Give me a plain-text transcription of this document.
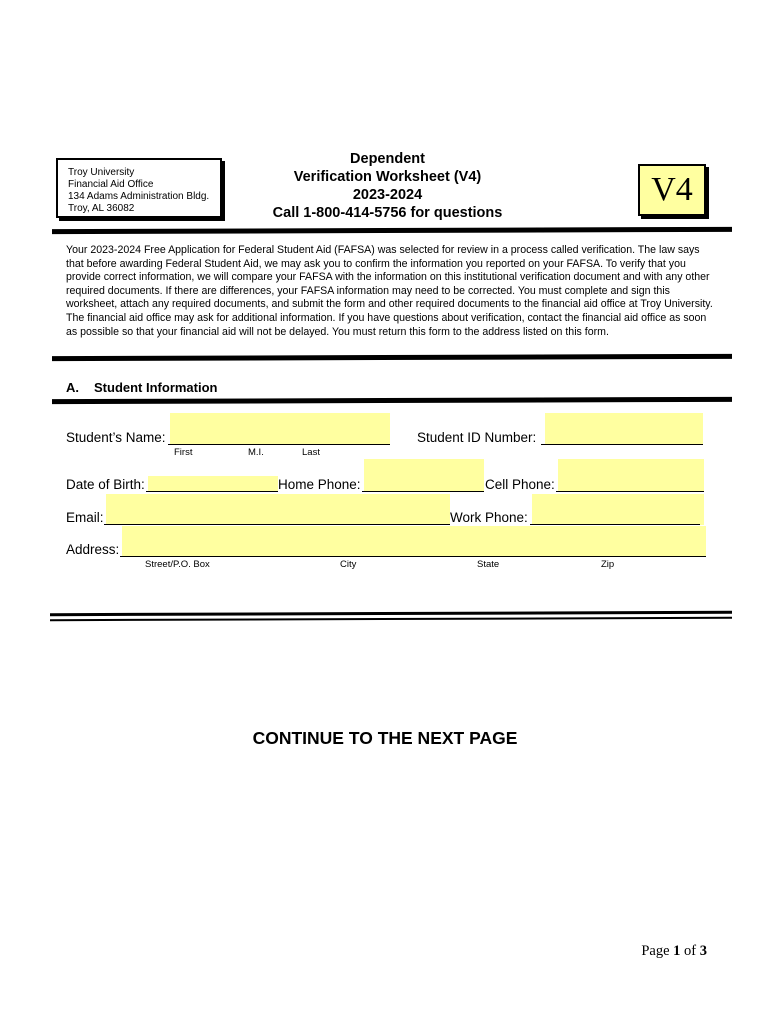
Troy University
Financial Aid Office
134 Adams Administration Bldg.
Troy, AL 36082
Dependent
Verification Worksheet (V4)
2023-2024
Call 1-800-414-5756 for questions
V4
Your 2023-2024 Free Application for Federal Student Aid (FAFSA) was selected for review in a process called verification. The law says that before awarding Federal Student Aid, we may ask you to confirm the information you reported on your FAFSA. To verify that you provide correct information, we will compare your FAFSA with the information on this institutional verification document and with any other required documents. If there are differences, your FAFSA information may need to be corrected. You must complete and sign this worksheet, attach any required documents, and submit the form and other required documents to the financial aid office at Troy University. The financial aid office may ask for additional information. If you have questions about verification, contact the financial aid office as soon as possible so that your financial aid will not be delayed. You must return this form to the address listed on this form.
A. Student Information
Student’s Name:
First	M.I.	Last
Student ID Number:
Date of Birth:	Home Phone:	Cell Phone:
Email:	Work Phone:
Address:
Street/P.O. Box	City	State	Zip
CONTINUE TO THE NEXT PAGE
Page 1 of 3
